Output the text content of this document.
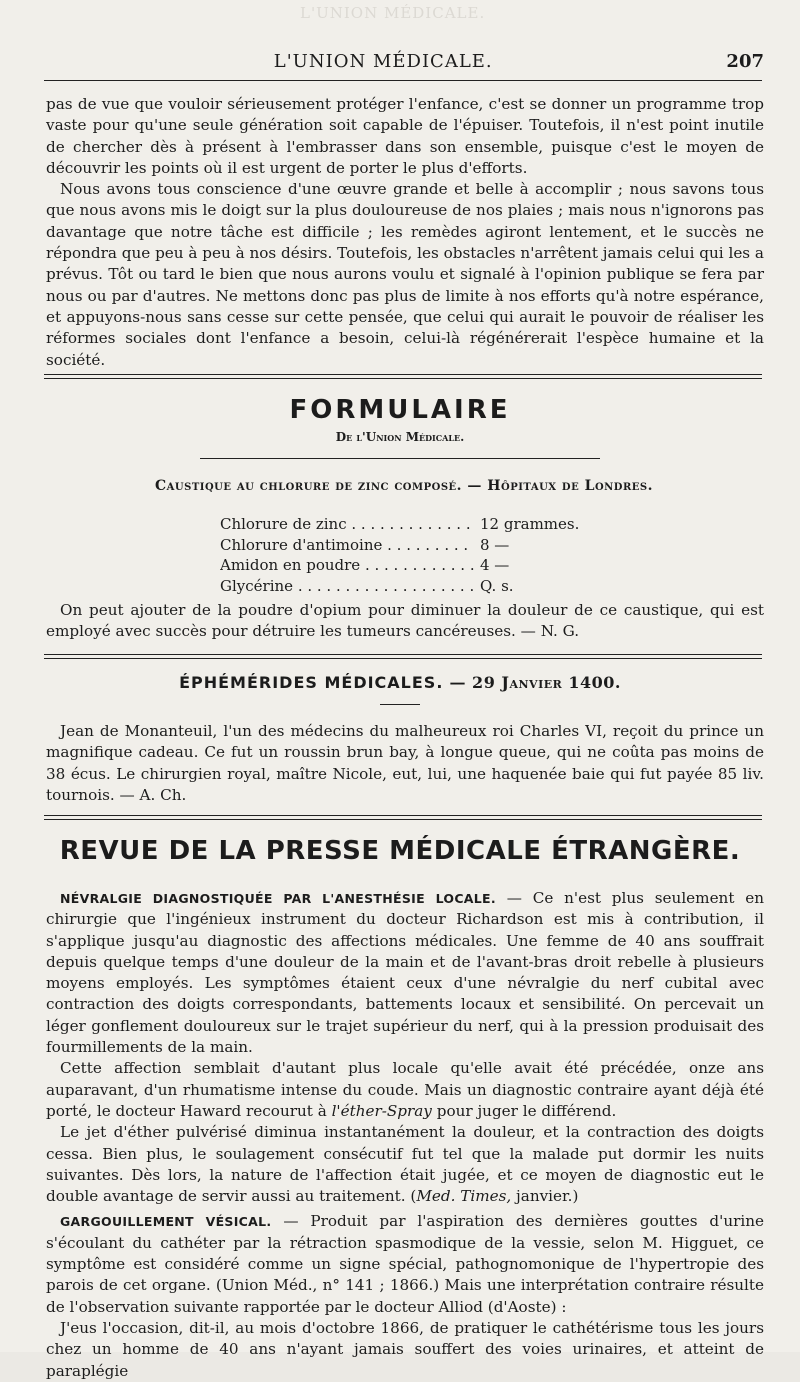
L'UNION MÉDICALE.
L'UNION MÉDICALE.	207

pas de vue que vouloir sérieusement protéger l'enfance, c'est se donner un programme trop vaste pour qu'une seule génération soit capable de l'épuiser. Toutefois, il n'est point inutile de chercher dès à présent à l'embrasser dans son ensemble, puisque c'est le moyen de découvrir les points où il est urgent de porter le plus d'efforts.

Nous avons tous conscience d'une œuvre grande et belle à accomplir ; nous savons tous que nous avons mis le doigt sur la plus douloureuse de nos plaies ; mais nous n'ignorons pas davantage que notre tâche est difficile ; les remèdes agiront lentement, et le succès ne répondra que peu à peu à nos désirs. Toutefois, les obstacles n'arrêtent jamais celui qui les a prévus. Tôt ou tard le bien que nous aurons voulu et signalé à l'opinion publique se fera par nous ou par d'autres. Ne mettons donc pas plus de limite à nos efforts qu'à notre espérance, et appuyons-nous sans cesse sur cette pensée, que celui qui aurait le pouvoir de réaliser les réformes sociales dont l'enfance a besoin, celui-là régénérerait l'espèce humaine et la société.

FORMULAIRE
De l'Union Médicale.
Caustique au chlorure de zinc composé. — Hôpitaux de Londres.
Chlorure de zinc . . .	12 grammes.
Chlorure d'antimoine . . .	8 —
Amidon en poudre . . .	4 —
Glycérine . . .	Q. s.

On peut ajouter de la poudre d'opium pour diminuer la douleur de ce caustique, qui est employé avec succès pour détruire les tumeurs cancéreuses. — N. G.

ÉPHÉMÉRIDES MÉDICALES. — 29 Janvier 1400.

Jean de Monanteuil, l'un des médecins du malheureux roi Charles VI, reçoit du prince un magnifique cadeau. Ce fut un roussin brun bay, à longue queue, qui ne coûta pas moins de 38 écus. Le chirurgien royal, maître Nicole, eut, lui, une haquenée baie qui fut payée 85 liv. tournois. — A. Ch.

REVUE DE LA PRESSE MÉDICALE ÉTRANGÈRE.

NÉVRALGIE DIAGNOSTIQUÉE PAR L'ANESTHÉSIE LOCALE. — Ce n'est plus seulement en chirurgie que l'ingénieux instrument du docteur Richardson est mis à contribution, il s'applique jusqu'au diagnostic des affections médicales. Une femme de 40 ans souffrait depuis quelque temps d'une douleur de la main et de l'avant-bras droit rebelle à plusieurs moyens employés. Les symptômes étaient ceux d'une névralgie du nerf cubital avec contraction des doigts correspondants, battements locaux et sensibilité. On percevait un léger gonflement douloureux sur le trajet supérieur du nerf, qui à la pression produisait des fourmillements de la main.

Cette affection semblait d'autant plus locale qu'elle avait été précédée, onze ans auparavant, d'un rhumatisme intense du coude. Mais un diagnostic contraire ayant déjà été porté, le docteur Haward recourut à l'éther-Spray pour juger le différend.

Le jet d'éther pulvérisé diminua instantanément la douleur, et la contraction des doigts cessa. Bien plus, le soulagement consécutif fut tel que la malade put dormir les nuits suivantes. Dès lors, la nature de l'affection était jugée, et ce moyen de diagnostic eut le double avantage de servir aussi au traitement. (Med. Times, janvier.)

GARGOUILLEMENT VÉSICAL. — Produit par l'aspiration des dernières gouttes d'urine s'écoulant du cathéter par la rétraction spasmodique de la vessie, selon M. Higguet, ce symptôme est considéré comme un signe spécial, pathognomonique de l'hypertropie des parois de cet organe. (Union Méd., n° 141 ; 1866.) Mais une interprétation contraire résulte de l'observation suivante rapportée par le docteur Alliod (d'Aoste) :

J'eus l'occasion, dit-il, au mois d'octobre 1866, de pratiquer le cathétérisme tous les jours chez un homme de 40 ans n'ayant jamais souffert des voies urinaires, et atteint de paraplégie
